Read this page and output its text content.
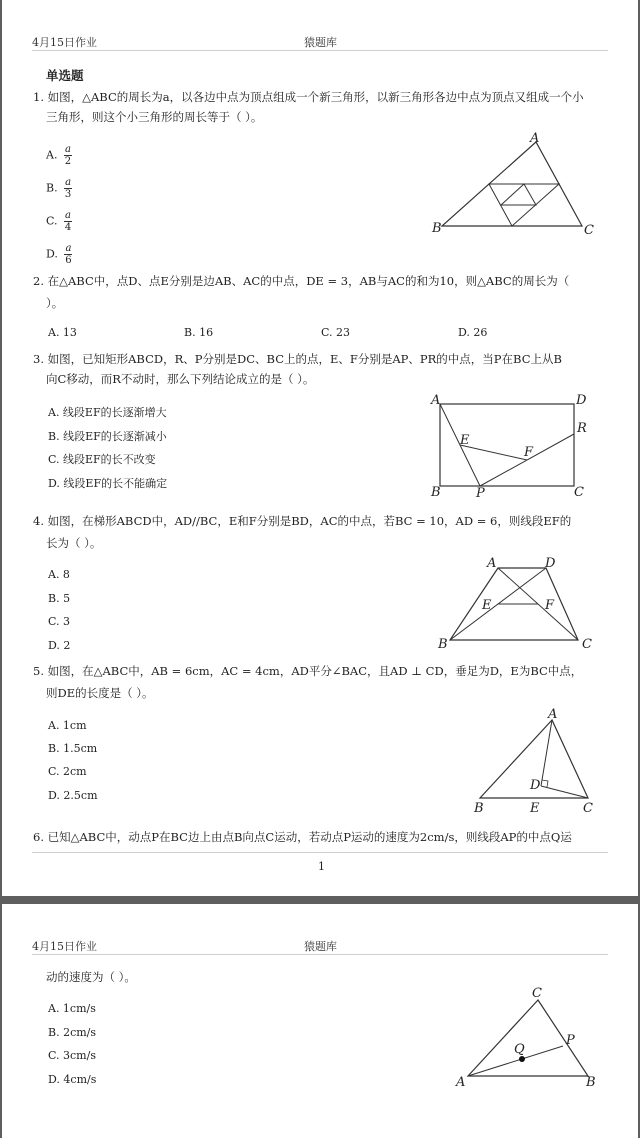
4月15日作业	猿题库
单选题
1. 如图，△ABC的周长为a，以各边中点为顶点组成一个新三角形，以新三角形各边中点为顶点又组成一个小
三角形，则这个小三角形的周长等于（ ）。
A. $\frac{a}{2}$
B. $\frac{a}{3}$
C. $\frac{a}{4}$
D. $\frac{a}{6}$
A
B	C
2. 在△ABC中，点D、点E分别是边AB、AC的中点，DE = 3，AB与AC的和为10，则△ABC的周长为（
）。
A. 13	B. 16	C. 23	D. 26
3. 如图，已知矩形ABCD，R、P分别是DC、BC上的点，E、F分别是AP、PR的中点，当P在BC上从B
向C移动，而R不动时，那么下列结论成立的是（ ）。
A. 线段EF的长逐渐增大
B. 线段EF的长逐渐减小
C. 线段EF的长不改变
D. 线段EF的长不能确定
A	D
E
F
R
B	P	C
4. 如图，在梯形ABCD中，AD//BC，E和F分别是BD，AC的中点，若BC = 10，AD = 6，则线段EF的
长为（ ）。
A. 8
B. 5
C. 3
D. 2
A	D
E	F
B	C
5. 如图，在△ABC中，AB = 6cm，AC = 4cm，AD平分∠BAC，且AD ⊥ CD，垂足为D，E为BC中点，
则DE的长度是（ ）。
A. 1cm
B. 1.5cm
C. 2cm
D. 2.5cm
A
D
B	E	C
6. 已知△ABC中，动点P在BC边上由点B向点C运动，若动点P运动的速度为2cm/s，则线段AP的中点Q运
1
4月15日作业	猿题库
动的速度为（ ）。
A. 1cm/s
B. 2cm/s
C. 3cm/s
D. 4cm/s
C
Q
P
A	B
